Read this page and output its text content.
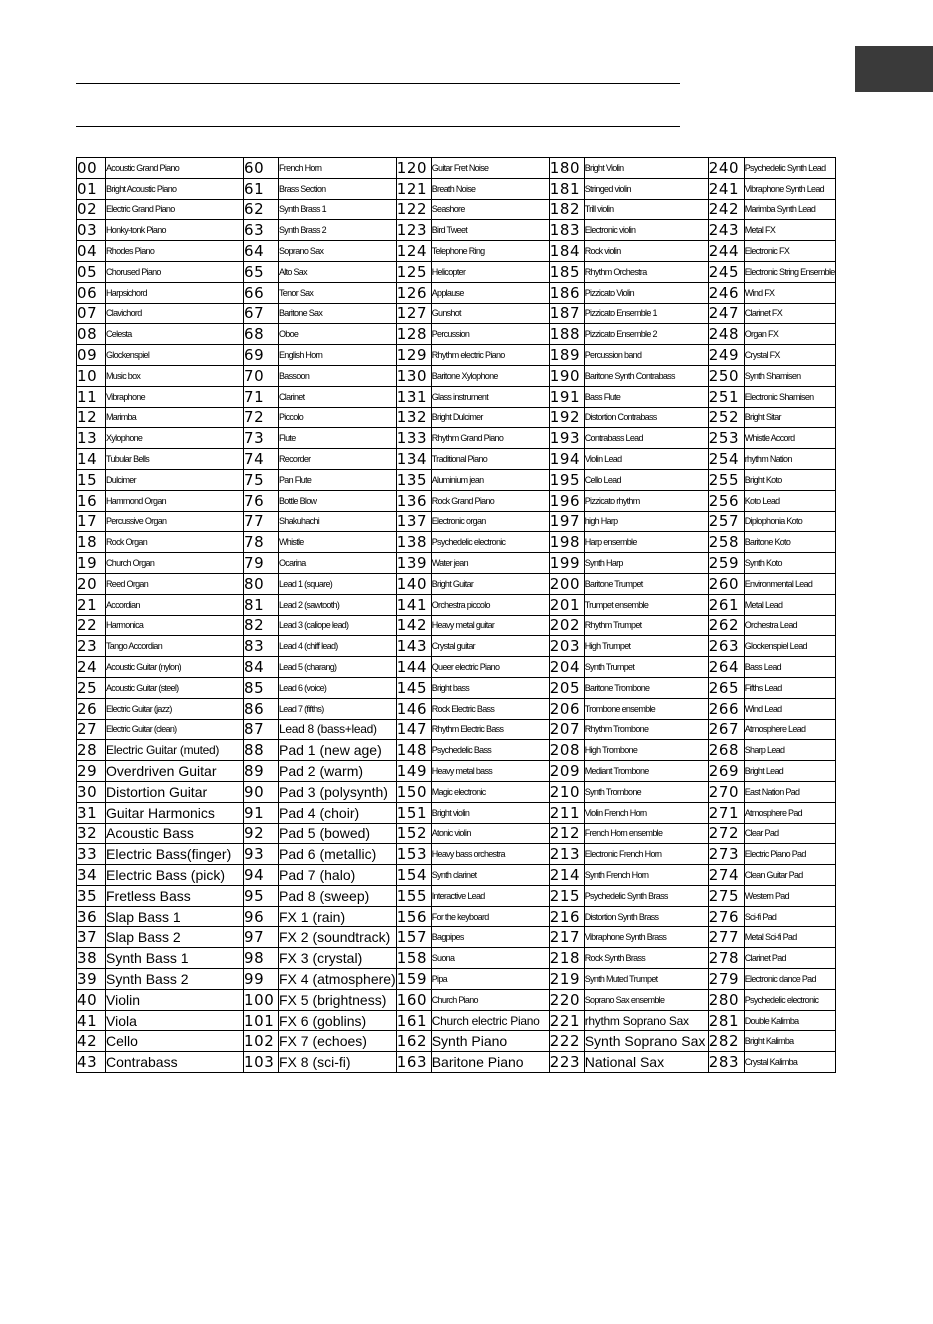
00	Acoustic Grand Piano	60	French Horn	120	Guitar Fret Noise	180	Bright Violin	240	Psychedelic Synth Lead
01	Bright Acoustic Piano	61	Brass Section	121	Breath Noise	181	Stringed violin	241	Vibraphone Synth Lead
02	Electric Grand Piano	62	Synth Brass 1	122	Seashore	182	Trill violin	242	Marimba Synth Lead
03	Honky-tonk Piano	63	Synth Brass 2	123	Bird Tweet	183	Electronic violin	243	Metal FX
04	Rhodes Piano	64	Soprano Sax	124	Telephone Ring	184	Rock violin	244	Electronic FX
05	Chorused Piano	65	Alto Sax	125	Helicopter	185	Rhythm Orchestra	245	Electronic String Ensemble
06	Harpsichord	66	Tenor Sax	126	Applause	186	Pizzicato Violin	246	Wind FX
07	Clavichord	67	Baritone Sax	127	Gunshot	187	Pizzicato Ensemble 1	247	Clarinet FX
08	Celesta	68	Oboe	128	Percussion	188	Pizzicato Ensemble 2	248	Organ FX
09	Glockenspiel	69	English Horn	129	Rhythm electric Piano	189	Percussion band	249	Crystal FX
10	Music box	70	Bassoon	130	Baritone Xylophone	190	Baritone Synth Contrabass	250	Synth Shamisen
11	Vibraphone	71	Clarinet	131	Glass instrument	191	Bass Flute	251	Electronic Shamisen
12	Marimba	72	Piccolo	132	Bright Dulcimer	192	Distortion Contrabass	252	Bright Sitar
13	Xylophone	73	Flute	133	Rhythm Grand Piano	193	Contrabass Lead	253	Whistle Accord
14	Tubular Bells	74	Recorder	134	Traditional Piano	194	Violin Lead	254	rhythm Nation
15	Dulcimer	75	Pan Flute	135	Aluminium jean	195	Cello Lead	255	Bright Koto
16	Hammond Organ	76	Bottle Blow	136	Rock Grand Piano	196	Pizzicato rhythm	256	Koto Lead
17	Percussive Organ	77	Shakuhachi	137	Electronic organ	197	high Harp	257	Diplophonia Koto
18	Rock Organ	78	Whistle	138	Psychedelic electronic	198	Harp ensemble	258	Baritone Koto
19	Church Organ	79	Ocarina	139	Water jean	199	Synth Harp	259	Synth Koto
20	Reed Organ	80	Lead 1 (square)	140	Bright Guitar	200	Baritone Trumpet	260	Environmental Lead
21	Accordian	81	Lead 2 (sawtooth)	141	Orchestra piccolo	201	Trumpet ensemble	261	Metal Lead
22	Harmonica	82	Lead 3 (caliope lead)	142	Heavy metal guitar	202	Rhythm Trumpet	262	Orchestra Lead
23	Tango Accordian	83	Lead 4 (chiff lead)	143	Crystal guitar	203	High Trumpet	263	Glockenspiel Lead
24	Acoustic Guitar (nylon)	84	Lead 5 (charang)	144	Queer electric Piano	204	Synth Trumpet	264	Bass Lead
25	Acoustic Guitar (steel)	85	Lead 6 (voice)	145	Bright bass	205	Baritone Trombone	265	Fifths Lead
26	Electric Guitar (jazz)	86	Lead 7 (fifths)	146	Rock Electric Bass	206	Trombone ensemble	266	Wind Lead
27	Electric Guitar (clean)	87	Lead 8 (bass+lead)	147	Rhythm Electric Bass	207	Rhythm Trombone	267	Atmosphere Lead
28	Electric Guitar (muted)	88	Pad 1 (new age)	148	Psychedelic Bass	208	High Trombone	268	Sharp Lead
29	Overdriven Guitar	89	Pad 2 (warm)	149	Heavy metal bass	209	Mediant Trombone	269	Bright Lead
30	Distortion Guitar	90	Pad 3 (polysynth)	150	Magic electronic	210	Synth Trombone	270	East Nation Pad
31	Guitar Harmonics	91	Pad 4 (choir)	151	Bright violin	211	Violin French Horn	271	Atmosphere Pad
32	Acoustic Bass	92	Pad 5 (bowed)	152	Atonic violin	212	French Horn ensemble	272	Clear Pad
33	Electric Bass(finger)	93	Pad 6 (metallic)	153	Heavy bass orchestra	213	Electronic French Horn	273	Electric Piano Pad
34	Electric Bass (pick)	94	Pad 7 (halo)	154	Synth clarinet	214	Synth French Horn	274	Clean Guitar Pad
35	Fretless Bass	95	Pad 8 (sweep)	155	Interactive Lead	215	Psychedelic Synth Brass	275	Western Pad
36	Slap Bass 1	96	FX 1 (rain)	156	For the keyboard	216	Distortion Synth Brass	276	Sci-fi Pad
37	Slap Bass 2	97	FX 2 (soundtrack)	157	Bagpipes	217	Vibraphone Synth Brass	277	Metal Sci-fi Pad
38	Synth Bass 1	98	FX 3 (crystal)	158	Suona	218	Rock Synth Brass	278	Clarinet Pad
39	Synth Bass 2	99	FX 4 (atmosphere)	159	Pipa	219	Synth Muted Trumpet	279	Electronic dance Pad
40	Violin	100	FX 5 (brightness)	160	Church Piano	220	Soprano Sax ensemble	280	Psychedelic electronic
41	Viola	101	FX 6 (goblins)	161	Church electric Piano	221	rhythm Soprano Sax	281	Double Kalimba
42	Cello	102	FX 7 (echoes)	162	Synth Piano	222	Synth Soprano Sax	282	Bright Kalimba
43	Contrabass	103	FX 8 (sci-fi)	163	Baritone Piano	223	National Sax	283	Crystal Kalimba
